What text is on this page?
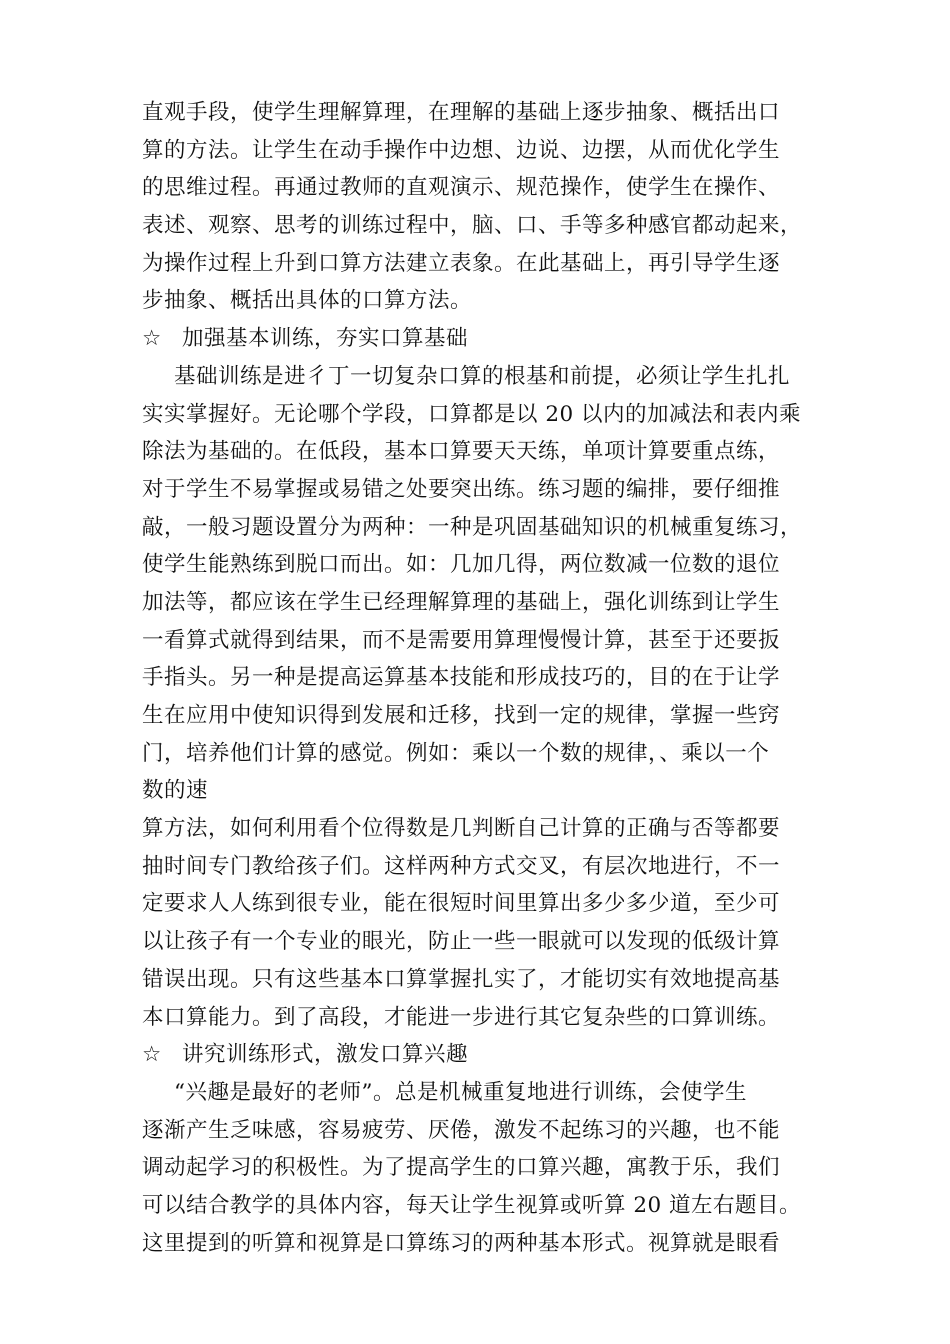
直观手段，使学生理解算理，在理解的基础上逐步抽象、概括出口
算的方法。让学生在动手操作中边想、边说、边摆，从而优化学生
的思维过程。再通过教师的直观演示、规范操作，使学生在操作、
表述、观察、思考的训练过程中，脑、口、手等多种感官都动起来，
为操作过程上升到口算方法建立表象。在此基础上，再引导学生逐
步抽象、概括出具体的口算方法。
☆ 加强基本训练，夯实口算基础
基础训练是进彳丁一切复杂口算的根基和前提，必须让学生扎扎
实实掌握好。无论哪个学段，口算都是以 20 以内的加减法和表内乘
除法为基础的。在低段，基本口算要天天练，单项计算要重点练，
对于学生不易掌握或易错之处要突出练。练习题的编排，要仔细推
敲，一般习题设置分为两种：一种是巩固基础知识的机械重复练习，
使学生能熟练到脱口而出。如：几加几得，两位数减一位数的退位
加法等，都应该在学生已经理解算理的基础上，强化训练到让学生
一看算式就得到结果，而不是需要用算理慢慢计算，甚至于还要扳
手指头。另一种是提高运算基本技能和形成技巧的，目的在于让学
生在应用中使知识得到发展和迁移，找到一定的规律，掌握一些窍
门，培养他们计算的感觉。例如：乘以一个数的规律，、乘以一个
数的速
算方法，如何利用看个位得数是几判断自己计算的正确与否等都要
抽时间专门教给孩子们。这样两种方式交叉，有层次地进行，不一
定要求人人练到很专业，能在很短时间里算出多少多少道，至少可
以让孩子有一个专业的眼光，防止一些一眼就可以发现的低级计算
错误出现。只有这些基本口算掌握扎实了，才能切实有效地提高基
本口算能力。到了高段，才能进一步进行其它复杂些的口算训练。
☆ 讲究训练形式，激发口算兴趣
“兴趣是最好的老师”。总是机械重复地进行训练，会使学生
逐渐产生乏味感，容易疲劳、厌倦，激发不起练习的兴趣，也不能
调动起学习的积极性。为了提高学生的口算兴趣，寓教于乐，我们
可以结合教学的具体内容，每天让学生视算或听算 20 道左右题目。
这里提到的听算和视算是口算练习的两种基本形式。视算就是眼看
